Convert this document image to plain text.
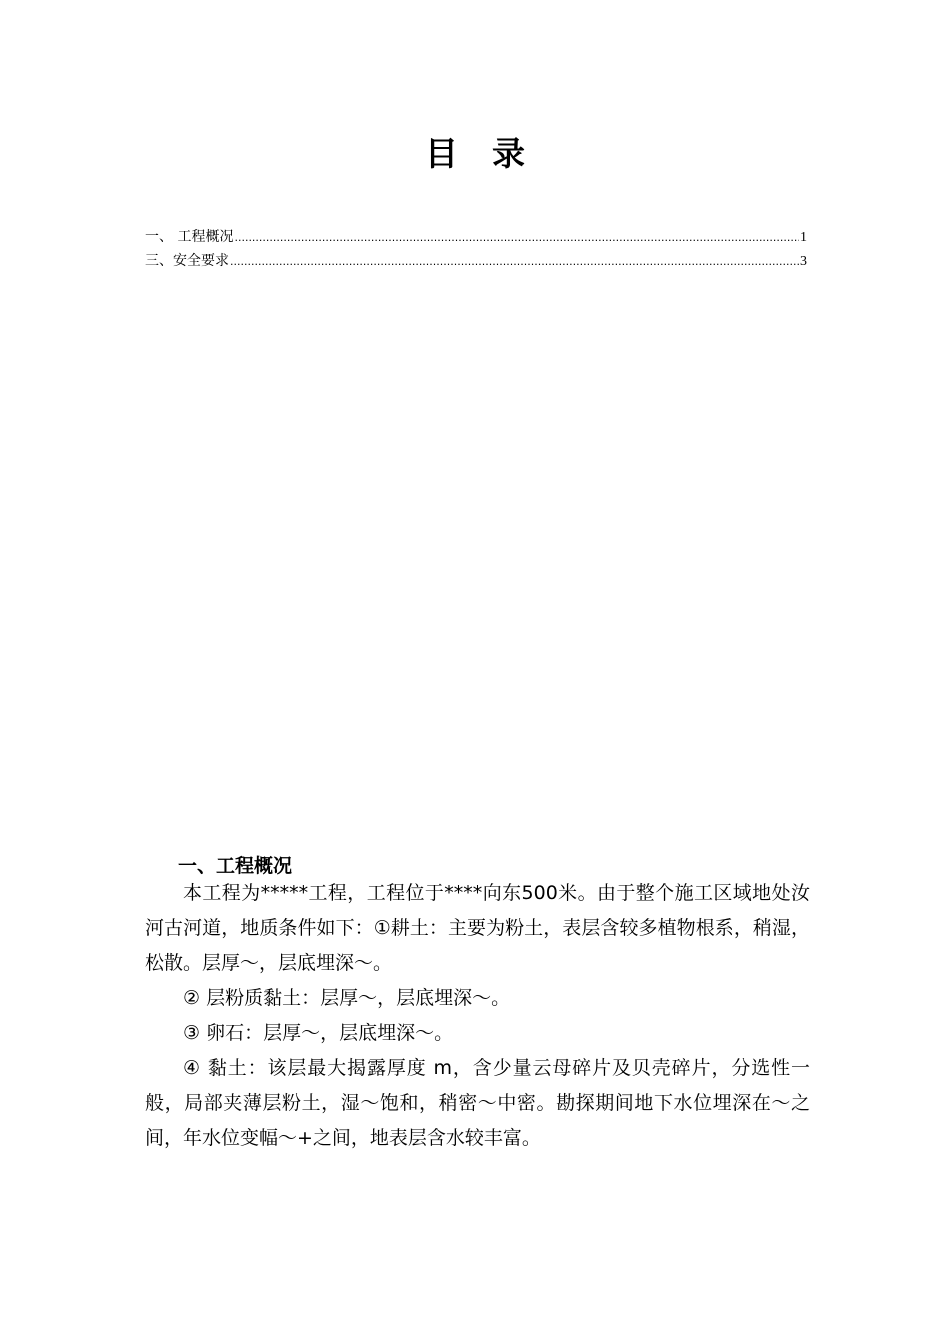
目 录
一、 工程概况 .....	1
三、安全要求 .....	3
一、工程概况

本工程为*****工程，工程位于****向东500米。由于整个施工区域地处汝河古河道，地质条件如下：①耕土：主要为粉土，表层含较多植物根系，稍湿，松散。层厚～，层底埋深～。

② 层粉质黏土：层厚～，层底埋深～。

③ 卵石：层厚～，层底埋深～。

④ 黏土：该层最大揭露厚度 m，含少量云母碎片及贝壳碎片，分选性一般，局部夹薄层粉土，湿～饱和，稍密～中密。勘探期间地下水位埋深在～之间，年水位变幅～+之间，地表层含水较丰富。
